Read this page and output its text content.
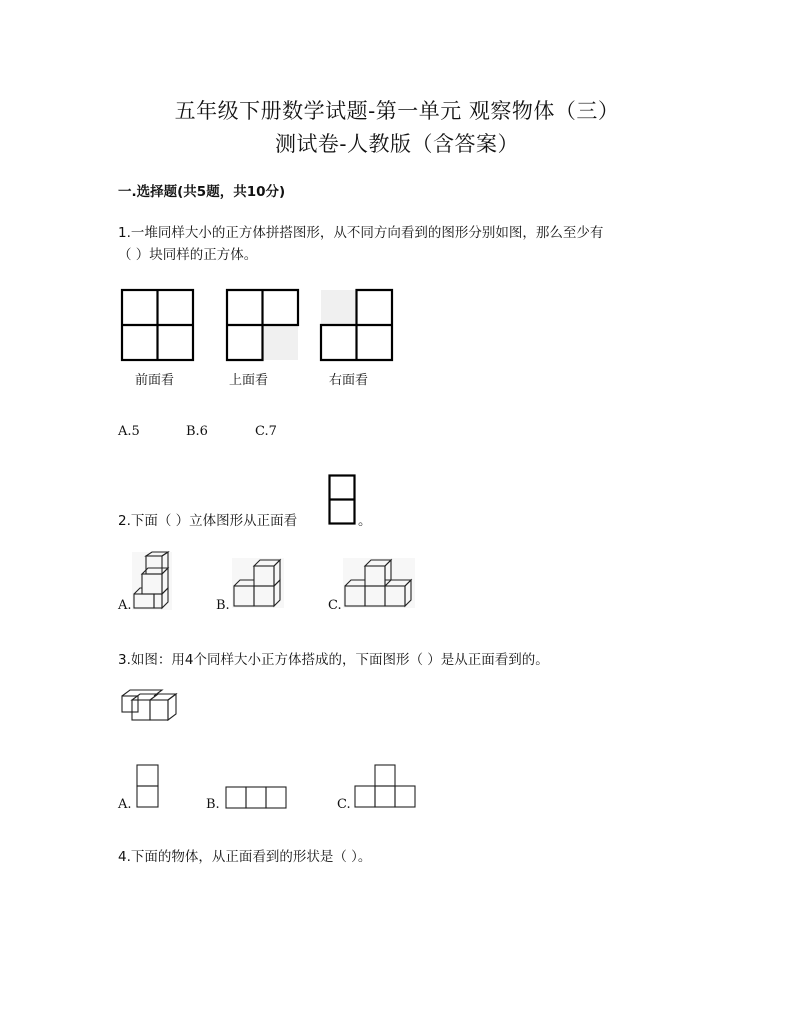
五年级下册数学试题-第一单元 观察物体（三）
测试卷-人教版（含答案）
一.选择题(共5题，共10分)
1.一堆同样大小的正方体拼搭图形，从不同方向看到的图形分别如图，那么至少有
（ ）块同样的正方体。
前面看	上面看	右面看
A.5	B.6	C.7
2.下面（ ）立体图形从正面看	。
A.	B.	C.
3.如图：用4个同样大小正方体搭成的，下面图形（ ）是从正面看到的。
A.	B.	C.
4.下面的物体，从正面看到的形状是（ ）。
